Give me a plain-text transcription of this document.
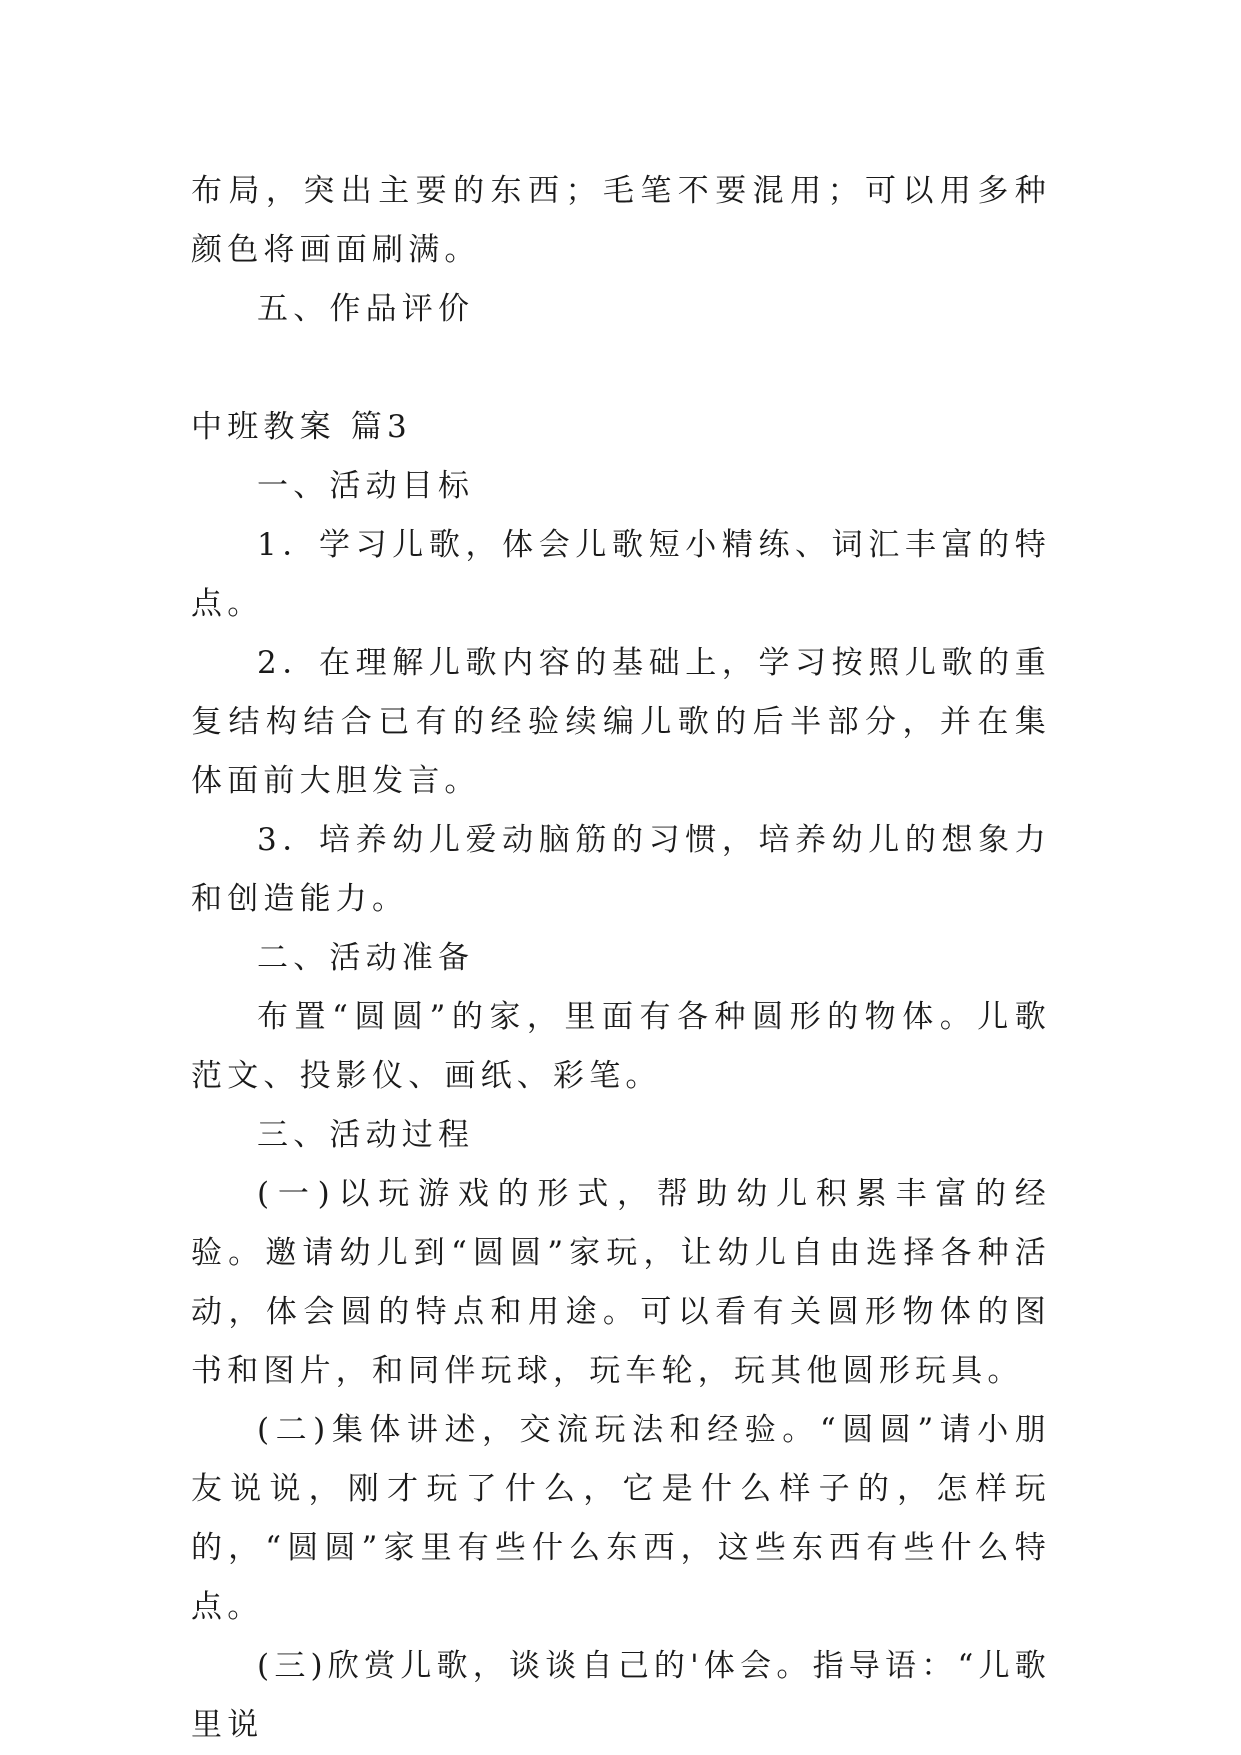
布局，突出主要的东西；毛笔不要混用；可以用多种颜色将画面刷满。

五、作品评价

中班教案 篇3

一、活动目标

1．学习儿歌，体会儿歌短小精练、词汇丰富的特点。

2．在理解儿歌内容的基础上，学习按照儿歌的重复结构结合已有的经验续编儿歌的后半部分，并在集体面前大胆发言。

3．培养幼儿爱动脑筋的习惯，培养幼儿的想象力和创造能力。

二、活动准备

布置“圆圆”的家，里面有各种圆形的物体。儿歌范文、投影仪、画纸、彩笔。

三、活动过程

(一)以玩游戏的形式，帮助幼儿积累丰富的经验。邀请幼儿到“圆圆”家玩，让幼儿自由选择各种活动，体会圆的特点和用途。可以看有关圆形物体的图书和图片，和同伴玩球，玩车轮，玩其他圆形玩具。

(二)集体讲述，交流玩法和经验。“圆圆”请小朋友说说，刚才玩了什么，它是什么样子的，怎样玩的，“圆圆”家里有些什么东西，这些东西有些什么特点。

(三)欣赏儿歌，谈谈自己的'体会。指导语：“儿歌里说
